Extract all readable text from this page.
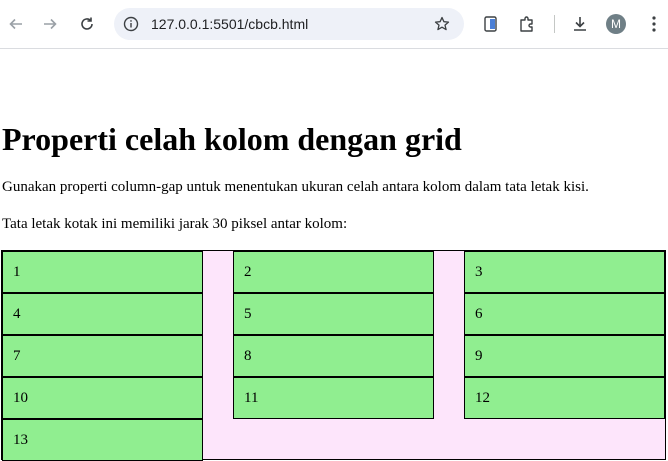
127.0.0.1:5501/cbcb.html	M
Properti celah kolom dengan grid

Gunakan properti column-gap untuk menentukan ukuran celah antara kolom dalam tata letak kisi.

Tata letak kotak ini memiliki jarak 30 piksel antar kolom:

1	2	3
4	5	6
7	8	9
10	11	12
13
